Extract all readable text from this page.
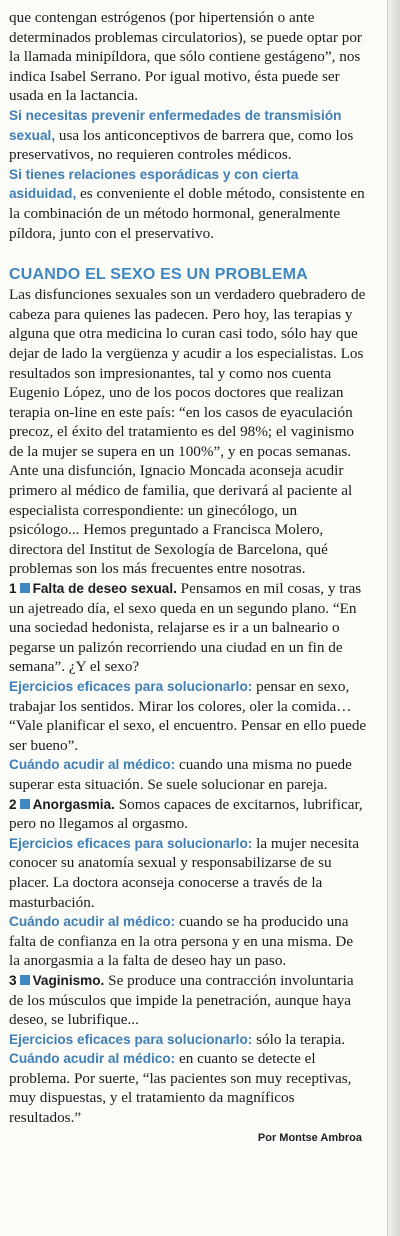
que contengan estrógenos (por hipertensión o ante determinados problemas circulatorios), se puede optar por la llamada minipíldora, que sólo contiene gestágeno”, nos indica Isabel Serrano. Por igual motivo, ésta puede ser usada en la lactancia.

Si necesitas prevenir enfermedades de transmisión sexual, usa los anticonceptivos de barrera que, como los preservativos, no requieren controles médicos.

Si tienes relaciones esporádicas y con cierta asiduidad, es conveniente el doble método, consistente en la combinación de un método hormonal, generalmente píldora, junto con el preservativo.

CUANDO EL SEXO ES UN PROBLEMA

Las disfunciones sexuales son un verdadero quebradero de cabeza para quienes las padecen. Pero hoy, las terapias y alguna que otra medicina lo curan casi todo, sólo hay que dejar de lado la vergüenza y acudir a los especialistas. Los resultados son impresionantes, tal y como nos cuenta Eugenio López, uno de los pocos doctores que realizan terapia on-line en este país: “en los casos de eyaculación precoz, el éxito del tratamiento es del 98%; el vaginismo de la mujer se supera en un 100%”, y en pocas semanas.

Ante una disfunción, Ignacio Moncada aconseja acudir primero al médico de familia, que derivará al paciente al especialista correspondiente: un ginecólogo, un psicólogo... Hemos preguntado a Francisca Molero, directora del Institut de Sexología de Barcelona, qué problemas son los más frecuentes entre nosotras.

1 Falta de deseo sexual. Pensamos en mil cosas, y tras un ajetreado día, el sexo queda en un segundo plano. “En una sociedad hedonista, relajarse es ir a un balneario o pegarse un palizón recorriendo una ciudad en un fin de semana”. ¿Y el sexo?

Ejercicios eficaces para solucionarlo: pensar en sexo, trabajar los sentidos. Mirar los colores, oler la comida… “Vale planificar el sexo, el encuentro. Pensar en ello puede ser bueno”.

Cuándo acudir al médico: cuando una misma no puede superar esta situación. Se suele solucionar en pareja.

2 Anorgasmia. Somos capaces de excitarnos, lubrificar, pero no llegamos al orgasmo.

Ejercicios eficaces para solucionarlo: la mujer necesita conocer su anatomía sexual y responsabilizarse de su placer. La doctora aconseja conocerse a través de la masturbación.

Cuándo acudir al médico: cuando se ha producido una falta de confianza en la otra persona y en una misma. De la anorgasmia a la falta de deseo hay un paso.

3 Vaginismo. Se produce una contracción involuntaria de los músculos que impide la penetración, aunque haya deseo, se lubrifique...

Ejercicios eficaces para solucionarlo: sólo la terapia.

Cuándo acudir al médico: en cuanto se detecte el problema. Por suerte, “las pacientes son muy receptivas, muy dispuestas, y el tratamiento da magníficos resultados.”

Por Montse Ambroa
